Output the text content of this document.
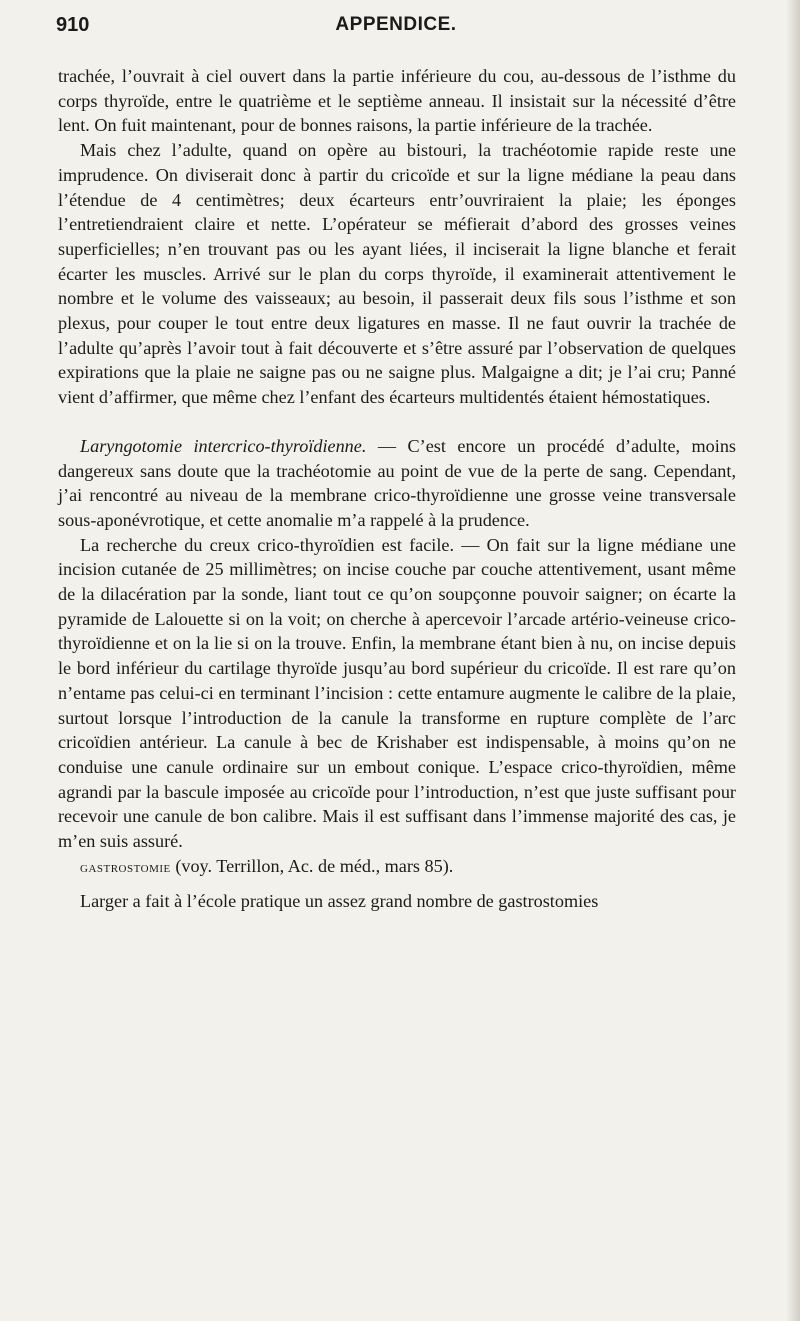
910	APPENDICE.

trachée, l’ouvrait à ciel ouvert dans la partie inférieure du cou, au-dessous de l’isthme du corps thyroïde, entre le quatrième et le septième anneau. Il insistait sur la nécessité d’être lent. On fuit maintenant, pour de bonnes raisons, la partie inférieure de la trachée.

Mais chez l’adulte, quand on opère au bistouri, la trachéotomie rapide reste une imprudence. On diviserait donc à partir du cricoïde et sur la ligne médiane la peau dans l’étendue de 4 centimètres; deux écarteurs entr’ouvriraient la plaie; les éponges l’entretiendraient claire et nette. L’opérateur se méfierait d’abord des grosses veines superficielles; n’en trouvant pas ou les ayant liées, il inciserait la ligne blanche et ferait écarter les muscles. Arrivé sur le plan du corps thyroïde, il examinerait attentivement le nombre et le volume des vaisseaux; au besoin, il passerait deux fils sous l’isthme et son plexus, pour couper le tout entre deux ligatures en masse. Il ne faut ouvrir la trachée de l’adulte qu’après l’avoir tout à fait découverte et s’être assuré par l’observation de quelques expirations que la plaie ne saigne pas ou ne saigne plus. Malgaigne a dit; je l’ai cru; Panné vient d’affirmer, que même chez l’enfant des écarteurs multidentés étaient hémostatiques.

Laryngotomie intercrico-thyroïdienne. — C’est encore un procédé d’adulte, moins dangereux sans doute que la trachéotomie au point de vue de la perte de sang. Cependant, j’ai rencontré au niveau de la membrane crico-thyroïdienne une grosse veine transversale sous-aponévrotique, et cette anomalie m’a rappelé à la prudence.

La recherche du creux crico-thyroïdien est facile. — On fait sur la ligne médiane une incision cutanée de 25 millimètres; on incise couche par couche attentivement, usant même de la dilacération par la sonde, liant tout ce qu’on soupçonne pouvoir saigner; on écarte la pyramide de Lalouette si on la voit; on cherche à apercevoir l’arcade artério-veineuse crico-thyroïdienne et on la lie si on la trouve. Enfin, la membrane étant bien à nu, on incise depuis le bord inférieur du cartilage thyroïde jusqu’au bord supérieur du cricoïde. Il est rare qu’on n’entame pas celui-ci en terminant l’incision : cette entamure augmente le calibre de la plaie, surtout lorsque l’introduction de la canule la transforme en rupture complète de l’arc cricoïdien antérieur. La canule à bec de Krishaber est indispensable, à moins qu’on ne conduise une canule ordinaire sur un embout conique. L’espace crico-thyroïdien, même agrandi par la bascule imposée au cricoïde pour l’introduction, n’est que juste suffisant pour recevoir une canule de bon calibre. Mais il est suffisant dans l’immense majorité des cas, je m’en suis assuré.

gastrostomie (voy. Terrillon, Ac. de méd., mars 85).

Larger a fait à l’école pratique un assez grand nombre de gastrostomies
